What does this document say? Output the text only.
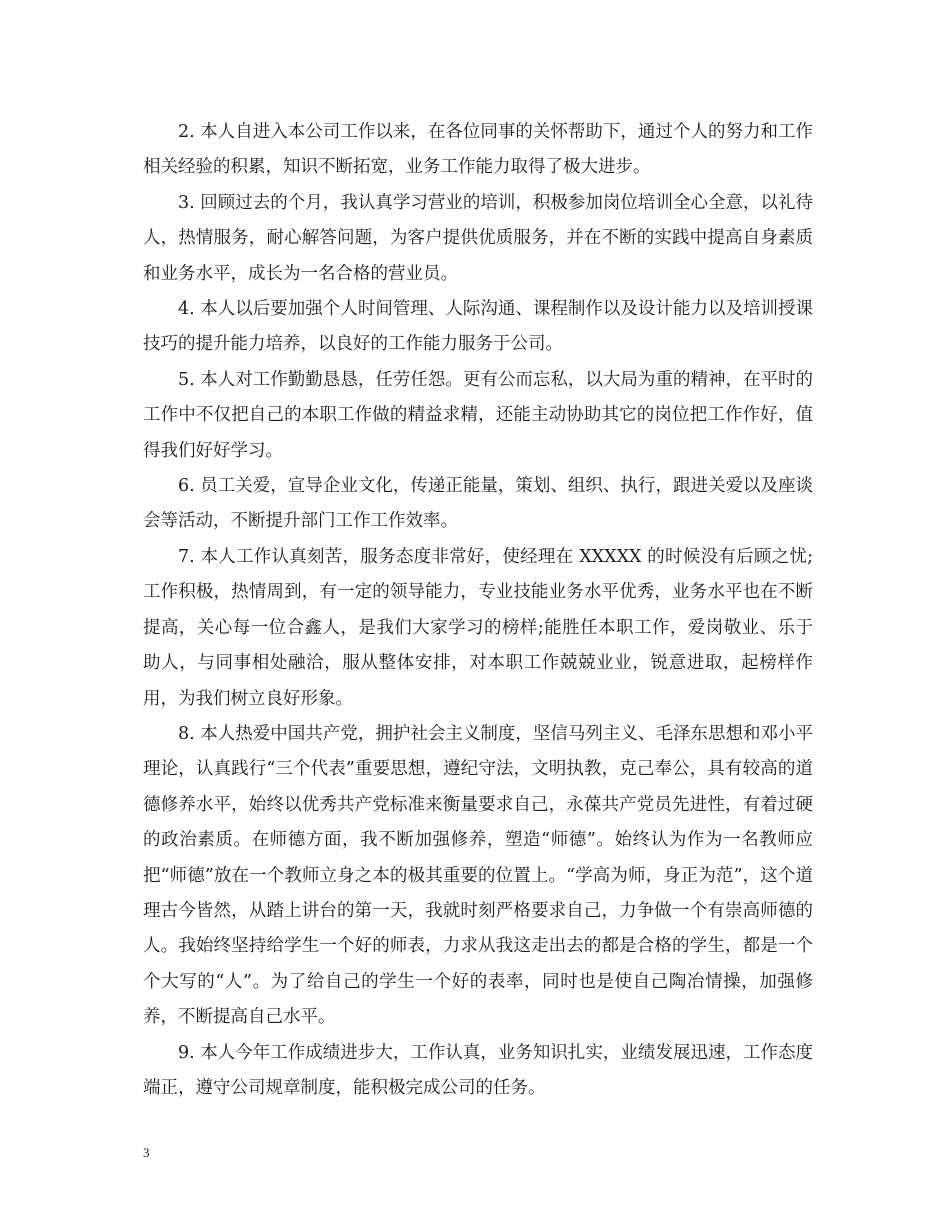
2. 本人自进入本公司工作以来，在各位同事的关怀帮助下，通过个人的努力和工作相关经验的积累，知识不断拓宽，业务工作能力取得了极大进步。

3. 回顾过去的个月，我认真学习营业的培训，积极参加岗位培训全心全意，以礼待人，热情服务，耐心解答问题，为客户提供优质服务，并在不断的实践中提高自身素质和业务水平，成长为一名合格的营业员。

4. 本人以后要加强个人时间管理、人际沟通、课程制作以及设计能力以及培训授课技巧的提升能力培养，以良好的工作能力服务于公司。

5. 本人对工作勤勤恳恳，任劳任怨。更有公而忘私，以大局为重的精神，在平时的工作中不仅把自己的本职工作做的精益求精，还能主动协助其它的岗位把工作作好，值得我们好好学习。

6. 员工关爱，宣导企业文化，传递正能量，策划、组织、执行，跟进关爱以及座谈会等活动，不断提升部门工作工作效率。

7. 本人工作认真刻苦，服务态度非常好，使经理在 XXXXX 的时候没有后顾之忧;工作积极，热情周到，有一定的领导能力，专业技能业务水平优秀，业务水平也在不断提高，关心每一位合鑫人，是我们大家学习的榜样;能胜任本职工作，爱岗敬业、乐于助人，与同事相处融洽，服从整体安排，对本职工作兢兢业业，锐意进取，起榜样作用，为我们树立良好形象。

8. 本人热爱中国共产党，拥护社会主义制度，坚信马列主义、毛泽东思想和邓小平理论，认真践行“三个代表”重要思想，遵纪守法，文明执教，克己奉公，具有较高的道德修养水平，始终以优秀共产党标准来衡量要求自己，永葆共产党员先进性，有着过硬的政治素质。在师德方面，我不断加强修养，塑造“师德”。始终认为作为一名教师应把“师德”放在一个教师立身之本的极其重要的位置上。“学高为师，身正为范”，这个道理古今皆然，从踏上讲台的第一天，我就时刻严格要求自己，力争做一个有崇高师德的人。我始终坚持给学生一个好的师表，力求从我这走出去的都是合格的学生，都是一个个大写的“人”。为了给自己的学生一个好的表率，同时也是使自己陶冶情操，加强修养，不断提高自己水平。

9. 本人今年工作成绩进步大，工作认真，业务知识扎实，业绩发展迅速，工作态度端正，遵守公司规章制度，能积极完成公司的任务。

3
